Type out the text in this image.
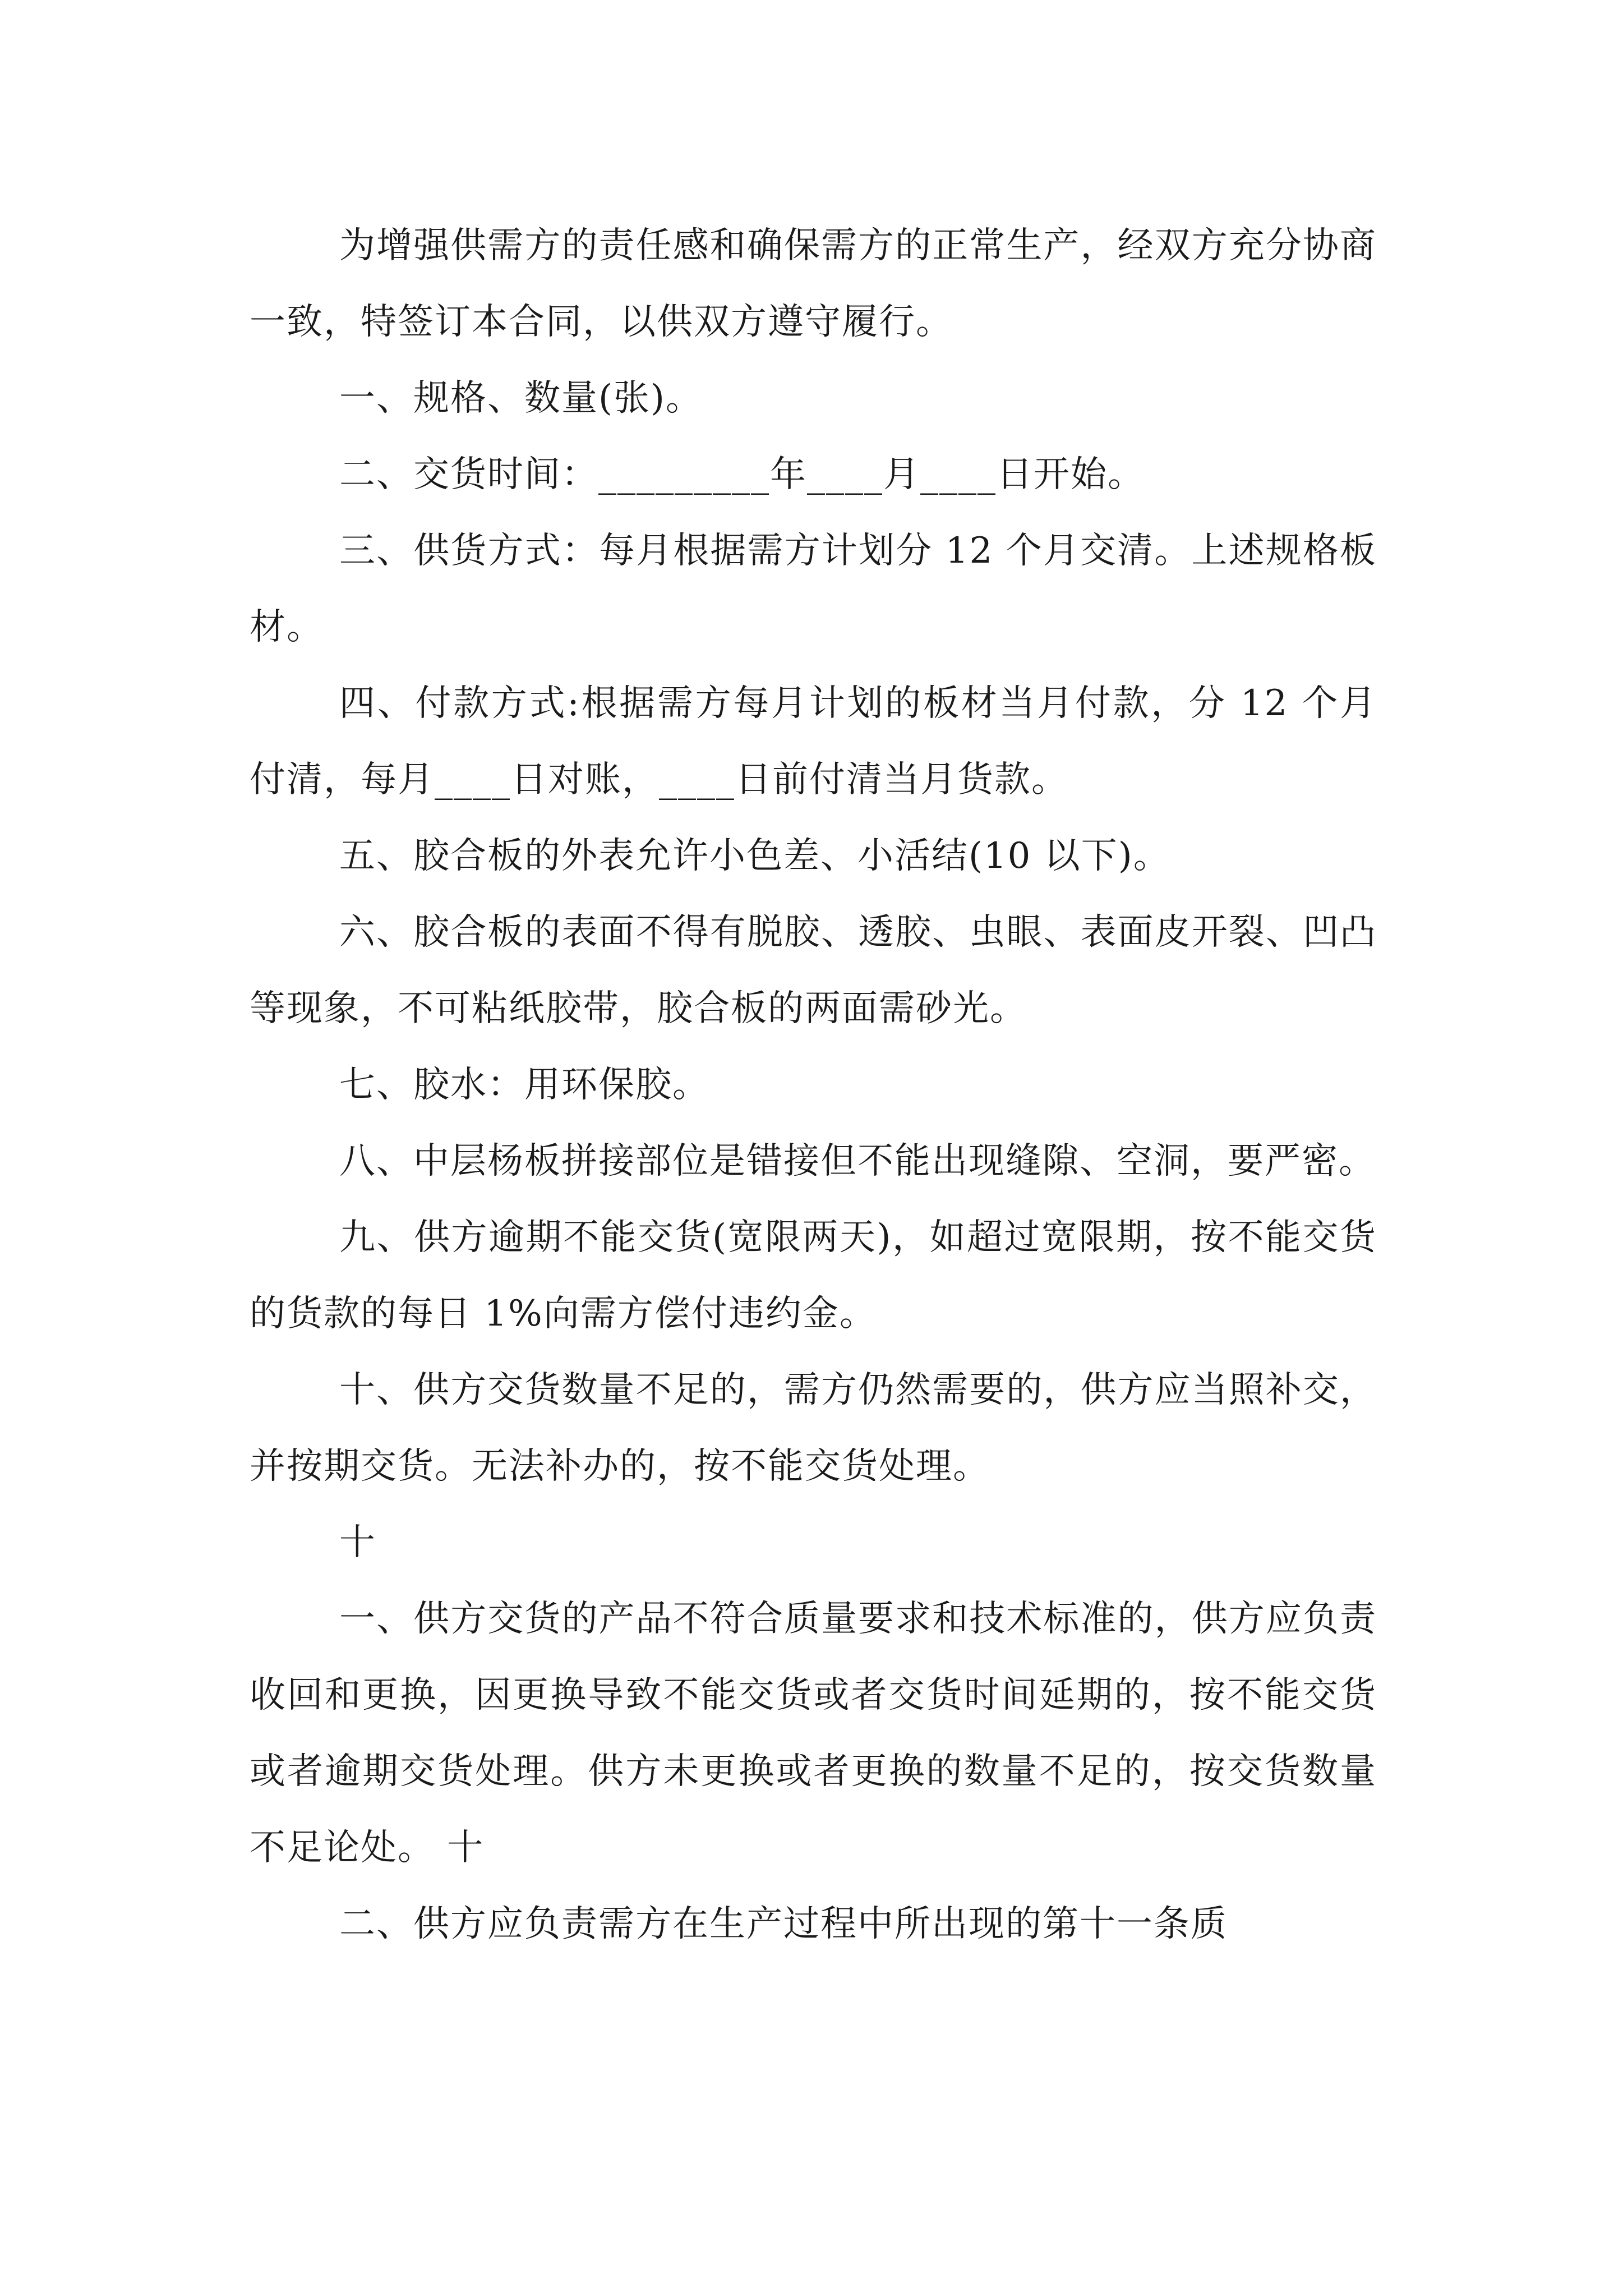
为增强供需方的责任感和确保需方的正常生产，经双方充分协商一致，特签订本合同，以供双方遵守履行。

一、规格、数量(张)。

二、交货时间：_________年____月____日开始。

三、供货方式：每月根据需方计划分 12 个月交清。上述规格板材。

四、付款方式:根据需方每月计划的板材当月付款，分 12 个月付清，每月____日对账，____日前付清当月货款。

五、胶合板的外表允许小色差、小活结(10 以下)。

六、胶合板的表面不得有脱胶、透胶、虫眼、表面皮开裂、凹凸等现象，不可粘纸胶带，胶合板的两面需砂光。

七、胶水：用环保胶。

八、中层杨板拼接部位是错接但不能出现缝隙、空洞，要严密。

九、供方逾期不能交货(宽限两天)，如超过宽限期，按不能交货的货款的每日 1%向需方偿付违约金。

十、供方交货数量不足的，需方仍然需要的，供方应当照补交，并按期交货。无法补办的，按不能交货处理。

十

一、供方交货的产品不符合质量要求和技术标准的，供方应负责收回和更换，因更换导致不能交货或者交货时间延期的，按不能交货或者逾期交货处理。供方未更换或者更换的数量不足的，按交货数量不足论处。 十

二、供方应负责需方在生产过程中所出现的第十一条质
